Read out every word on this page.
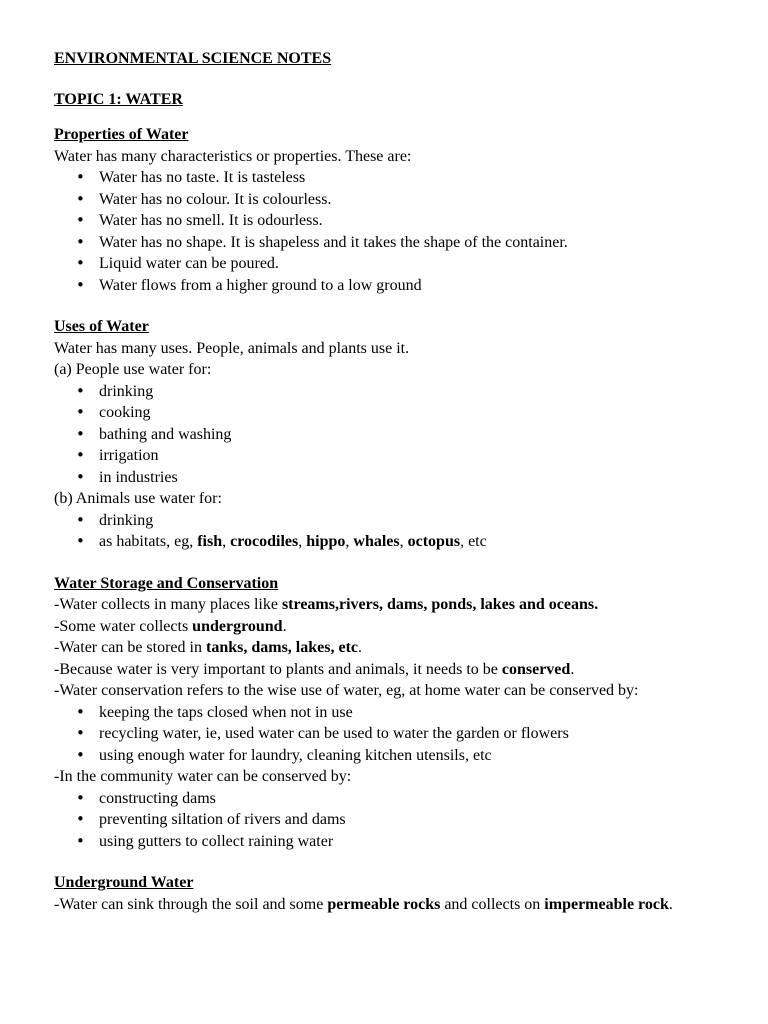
ENVIRONMENTAL SCIENCE NOTES
TOPIC 1: WATER
Properties of Water
Water has many characteristics or properties. These are:
• Water has no taste. It is tasteless
• Water has no colour. It is colourless.
• Water has no smell. It is odourless.
• Water has no shape. It is shapeless and it takes the shape of the container.
• Liquid water can be poured.
• Water flows from a higher ground to a low ground
Uses of Water
Water has many uses. People, animals and plants use it.
(a) People use water for:
• drinking
• cooking
• bathing and washing
• irrigation
• in industries
(b) Animals use water for:
• drinking
• as habitats, eg, fish, crocodiles, hippo, whales, octopus, etc
Water Storage and Conservation
-Water collects in many places like streams,rivers, dams, ponds, lakes and oceans.
-Some water collects underground.
-Water can be stored in tanks, dams, lakes, etc.
-Because water is very important to plants and animals, it needs to be conserved.
-Water conservation refers to the wise use of water, eg, at home water can be conserved by:
• keeping the taps closed when not in use
• recycling water, ie, used water can be used to water the garden or flowers
• using enough water for laundry, cleaning kitchen utensils, etc
-In the community water can be conserved by:
• constructing dams
• preventing siltation of rivers and dams
• using gutters to collect raining water
Underground Water
-Water can sink through the soil and some permeable rocks and collects on impermeable rock.
